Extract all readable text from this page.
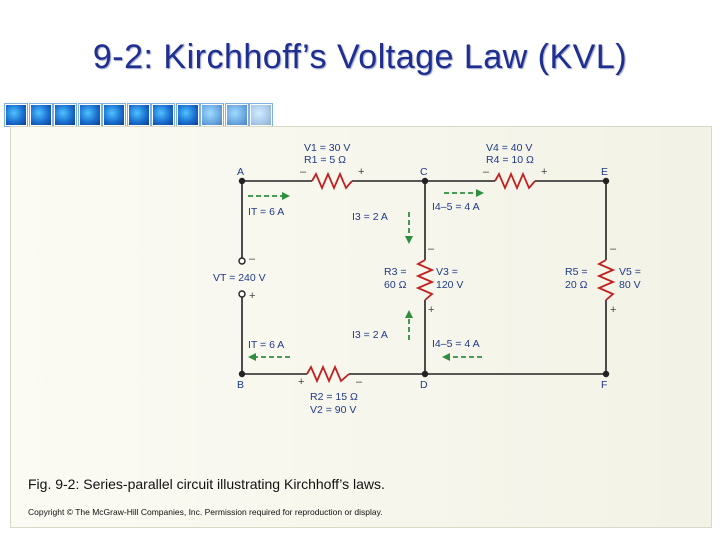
9-2: Kirchhoff’s Voltage Law (KVL)
A	C	E
B	D	F
V1 = 30 V
R1 = 5 Ω
V4 = 40 V
R4 = 10 Ω
R2 = 15 Ω
V2 = 90 V
R3 =
60 Ω
V3 =
120 V
R5 =
20 Ω
V5 =
80 V
VT = 240 V
IT = 6 A	I3 = 2 A
I4–5 = 4 A
IT = 6 A
I3 = 2 A
I4–5 = 4 A
–	+	–	+
+	–
–
+
–
+
–
+
Fig. 9-2: Series-parallel circuit illustrating Kirchhoff’s laws.
Copyright © The McGraw-Hill Companies, Inc. Permission required for reproduction or display.
